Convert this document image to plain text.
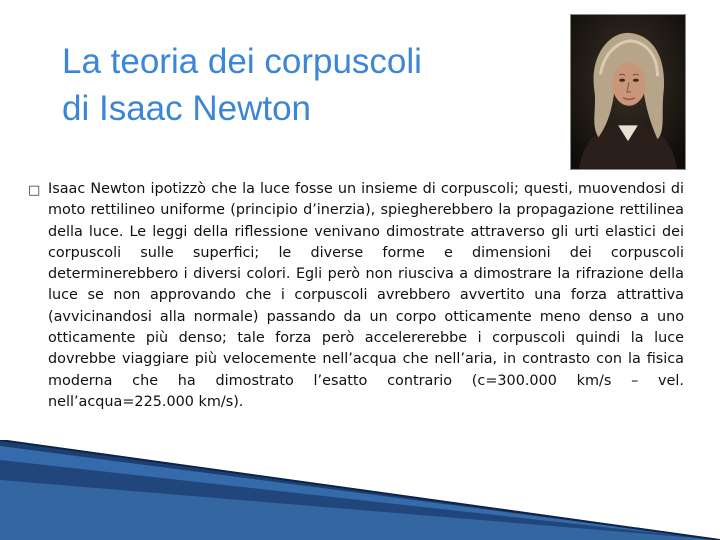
La teoria dei corpuscoli
di Isaac Newton
□ Isaac Newton ipotizzò che la luce fosse un insieme di corpuscoli; questi, muovendosi di moto rettilineo uniforme (principio d’inerzia), spiegherebbero la propagazione rettilinea della luce. Le leggi della riflessione venivano dimostrate attraverso gli urti elastici dei corpuscoli sulle superfici; le diverse forme e dimensioni dei corpuscoli determinerebbero i diversi colori. Egli però non riusciva a dimostrare la rifrazione della luce se non approvando che i corpuscoli avrebbero avvertito una forza attrattiva (avvicinandosi alla normale) passando da un corpo otticamente meno denso a uno otticamente più denso; tale forza però accelererebbe i corpuscoli quindi la luce dovrebbe viaggiare più velocemente nell’acqua che nell’aria, in contrasto con la fisica moderna che ha dimostrato l’esatto contrario (c=300.000 km/s – vel. nell’acqua=225.000 km/s).
